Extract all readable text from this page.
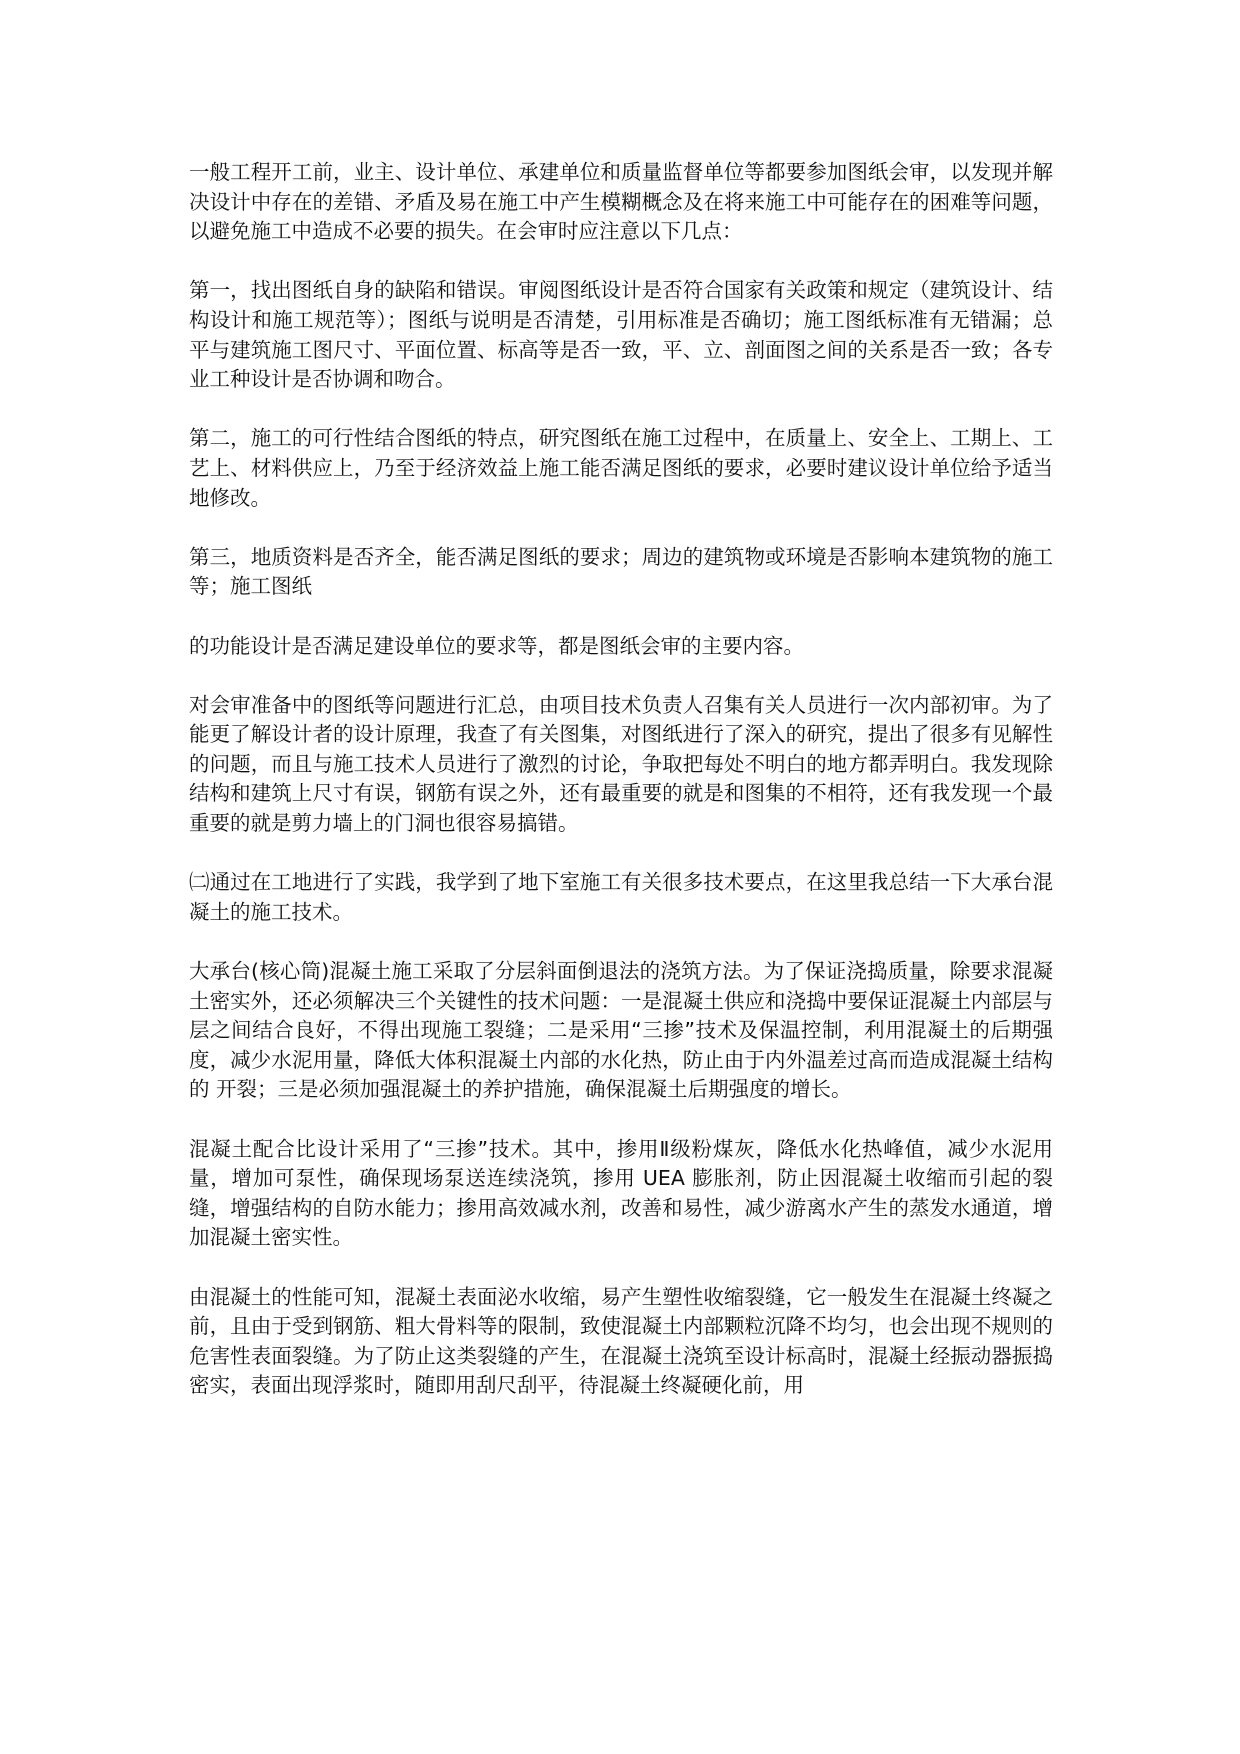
一般工程开工前，业主、设计单位、承建单位和质量监督单位等都要参加图纸会审，以发现并解决设计中存在的差错、矛盾及易在施工中产生模糊概念及在将来施工中可能存在的困难等问题，以避免施工中造成不必要的损失。在会审时应注意以下几点：

第一，找出图纸自身的缺陷和错误。审阅图纸设计是否符合国家有关政策和规定（建筑设计、结构设计和施工规范等）；图纸与说明是否清楚，引用标准是否确切；施工图纸标准有无错漏；总平与建筑施工图尺寸、平面位置、标高等是否一致，平、立、剖面图之间的关系是否一致；各专业工种设计是否协调和吻合。

第二，施工的可行性结合图纸的特点，研究图纸在施工过程中，在质量上、安全上、工期上、工艺上、材料供应上，乃至于经济效益上施工能否满足图纸的要求，必要时建议设计单位给予适当地修改。

第三，地质资料是否齐全，能否满足图纸的要求；周边的建筑物或环境是否影响本建筑物的施工等；施工图纸

的功能设计是否满足建设单位的要求等，都是图纸会审的主要内容。

对会审准备中的图纸等问题进行汇总，由项目技术负责人召集有关人员进行一次内部初审。为了能更了解设计者的设计原理，我查了有关图集，对图纸进行了深入的研究，提出了很多有见解性的问题，而且与施工技术人员进行了激烈的讨论，争取把每处不明白的地方都弄明白。我发现除结构和建筑上尺寸有误，钢筋有误之外，还有最重要的就是和图集的不相符，还有我发现一个最重要的就是剪力墙上的门洞也很容易搞错。

㈡通过在工地进行了实践，我学到了地下室施工有关很多技术要点，在这里我总结一下大承台混凝土的施工技术。

大承台(核心筒)混凝土施工采取了分层斜面倒退法的浇筑方法。为了保证浇捣质量，除要求混凝土密实外，还必须解决三个关键性的技术问题：一是混凝土供应和浇捣中要保证混凝土内部层与层之间结合良好，不得出现施工裂缝；二是采用“三掺”技术及保温控制，利用混凝土的后期强度，减少水泥用量，降低大体积混凝土内部的水化热，防止由于内外温差过高而造成混凝土结构的 开裂；三是必须加强混凝土的养护措施，确保混凝土后期强度的增长。

混凝土配合比设计采用了“三掺”技术。其中，掺用Ⅱ级粉煤灰，降低水化热峰值，减少水泥用量，增加可泵性，确保现场泵送连续浇筑，掺用 UEA 膨胀剂，防止因混凝土收缩而引起的裂缝，增强结构的自防水能力；掺用高效减水剂，改善和易性，减少游离水产生的蒸发水通道，增加混凝土密实性。

由混凝土的性能可知，混凝土表面泌水收缩，易产生塑性收缩裂缝，它一般发生在混凝土终凝之前，且由于受到钢筋、粗大骨料等的限制，致使混凝土内部颗粒沉降不均匀，也会出现不规则的危害性表面裂缝。为了防止这类裂缝的产生，在混凝土浇筑至设计标高时，混凝土经振动器振捣密实，表面出现浮浆时，随即用刮尺刮平，待混凝土终凝硬化前，用
